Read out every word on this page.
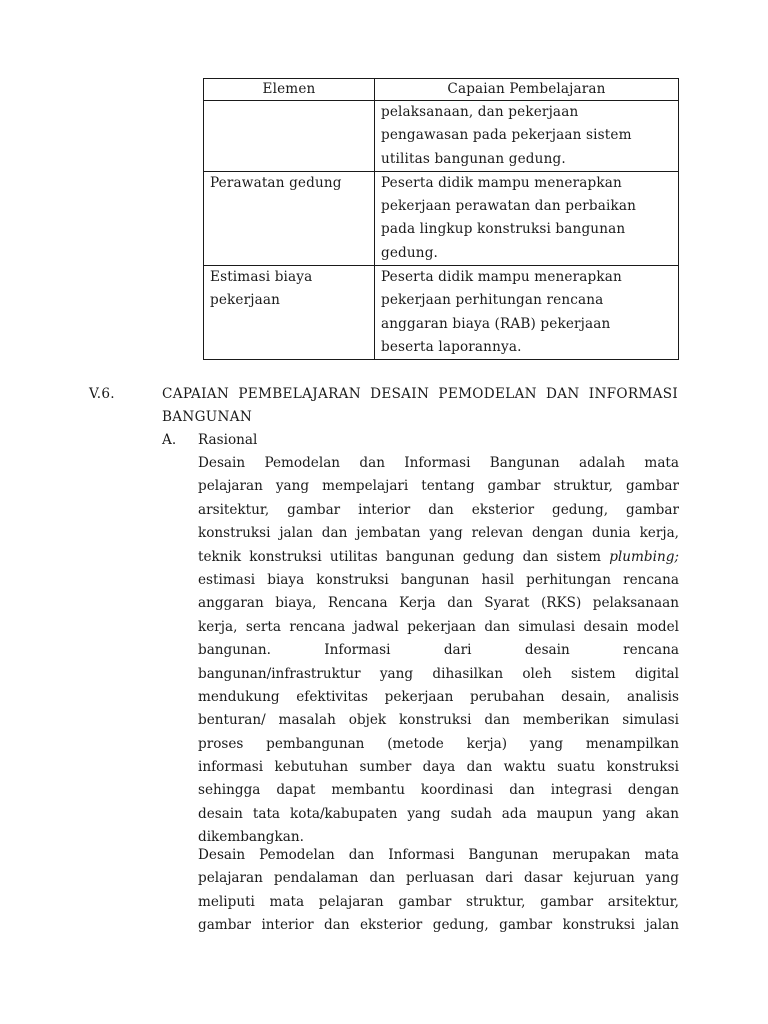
Elemen	Capaian Pembelajaran

	pelaksanaan, dan pekerjaan
pengawasan pada pekerjaan sistem
utilitas bangunan gedung.

Perawatan gedung	Peserta didik mampu menerapkan
pekerjaan perawatan dan perbaikan
pada lingkup konstruksi bangunan
gedung.

Estimasi biaya
pekerjaan	Peserta didik mampu menerapkan
pekerjaan perhitungan rencana
anggaran biaya (RAB) pekerjaan
beserta laporannya.
V.6.	CAPAIAN PEMBELAJARAN DESAIN PEMODELAN DAN INFORMASI
BANGUNAN
A. Rasional
Desain Pemodelan dan Informasi Bangunan adalah mata
pelajaran yang mempelajari tentang gambar struktur, gambar
arsitektur, gambar interior dan eksterior gedung, gambar
konstruksi jalan dan jembatan yang relevan dengan dunia kerja,
teknik konstruksi utilitas bangunan gedung dan sistem plumbing;
estimasi biaya konstruksi bangunan hasil perhitungan rencana
anggaran biaya, Rencana Kerja dan Syarat (RKS) pelaksanaan
kerja, serta rencana jadwal pekerjaan dan simulasi desain model
bangunan. Informasi dari desain rencana
bangunan/infrastruktur yang dihasilkan oleh sistem digital
mendukung efektivitas pekerjaan perubahan desain, analisis
benturan/ masalah objek konstruksi dan memberikan simulasi
proses pembangunan (metode kerja) yang menampilkan
informasi kebutuhan sumber daya dan waktu suatu konstruksi
sehingga dapat membantu koordinasi dan integrasi dengan
desain tata kota/kabupaten yang sudah ada maupun yang akan
dikembangkan.
Desain Pemodelan dan Informasi Bangunan merupakan mata
pelajaran pendalaman dan perluasan dari dasar kejuruan yang
meliputi mata pelajaran gambar struktur, gambar arsitektur,
gambar interior dan eksterior gedung, gambar konstruksi jalan
